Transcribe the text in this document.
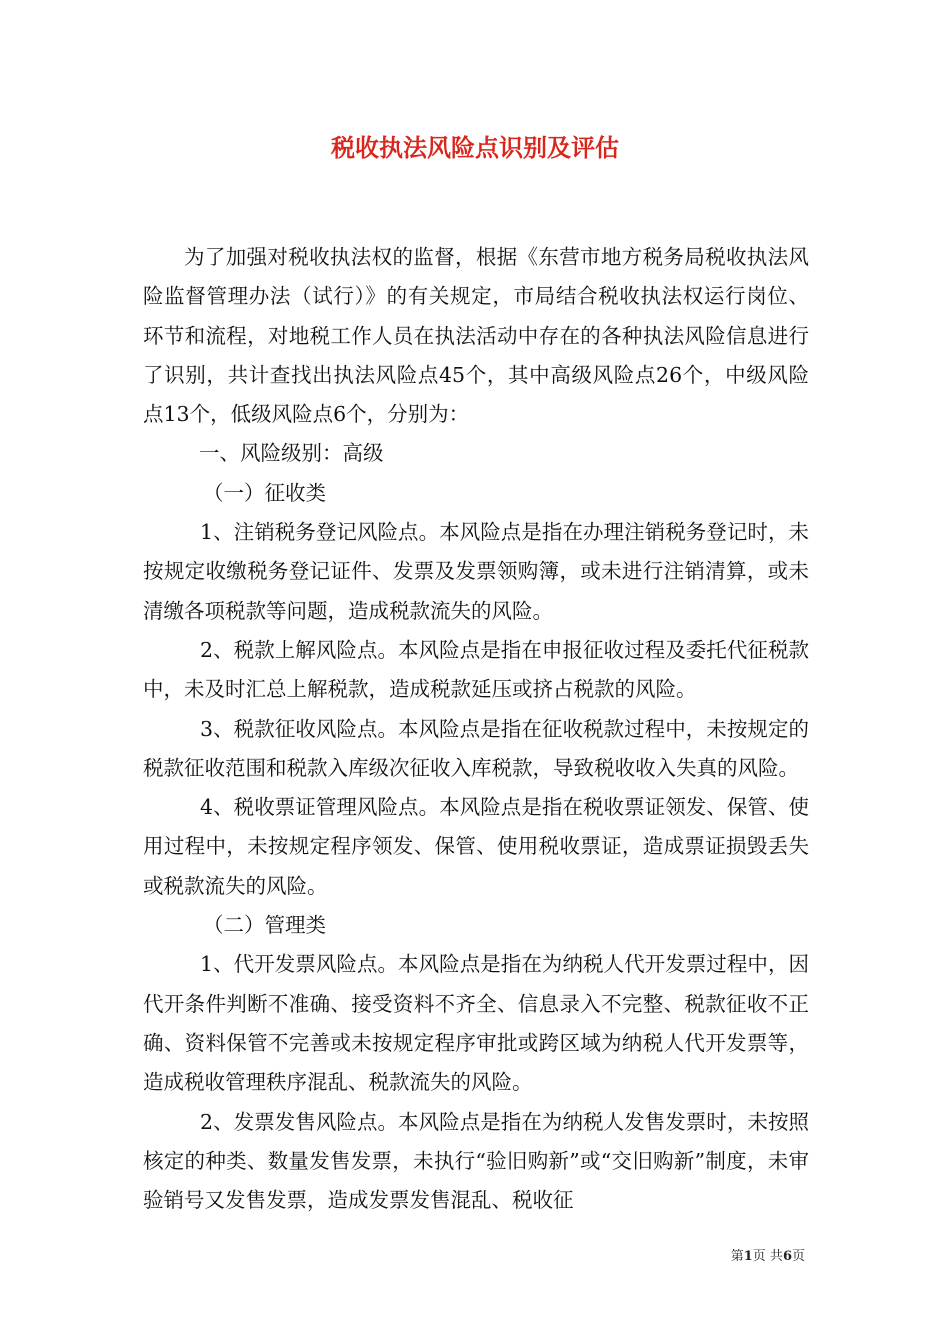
税收执法风险点识别及评估

为了加强对税收执法权的监督，根据《东营市地方税务局税收执法风险监督管理办法（试行）》的有关规定，市局结合税收执法权运行岗位、环节和流程，对地税工作人员在执法活动中存在的各种执法风险信息进行了识别，共计查找出执法风险点45个，其中高级风险点26个，中级风险点13个，低级风险点6个，分别为：

一、风险级别：高级

（一）征收类

1、注销税务登记风险点。本风险点是指在办理注销税务登记时，未按规定收缴税务登记证件、发票及发票领购簿，或未进行注销清算，或未清缴各项税款等问题，造成税款流失的风险。

2、税款上解风险点。本风险点是指在申报征收过程及委托代征税款中，未及时汇总上解税款，造成税款延压或挤占税款的风险。

3、税款征收风险点。本风险点是指在征收税款过程中，未按规定的税款征收范围和税款入库级次征收入库税款，导致税收收入失真的风险。

4、税收票证管理风险点。本风险点是指在税收票证领发、保管、使用过程中，未按规定程序领发、保管、使用税收票证，造成票证损毁丢失或税款流失的风险。

（二）管理类

1、代开发票风险点。本风险点是指在为纳税人代开发票过程中，因代开条件判断不准确、接受资料不齐全、信息录入不完整、税款征收不正确、资料保管不完善或未按规定程序审批或跨区域为纳税人代开发票等，造成税收管理秩序混乱、税款流失的风险。

2、发票发售风险点。本风险点是指在为纳税人发售发票时，未按照核定的种类、数量发售发票，未执行“验旧购新”或“交旧购新”制度，未审验销号又发售发票，造成发票发售混乱、税收征

第1页 共6页
